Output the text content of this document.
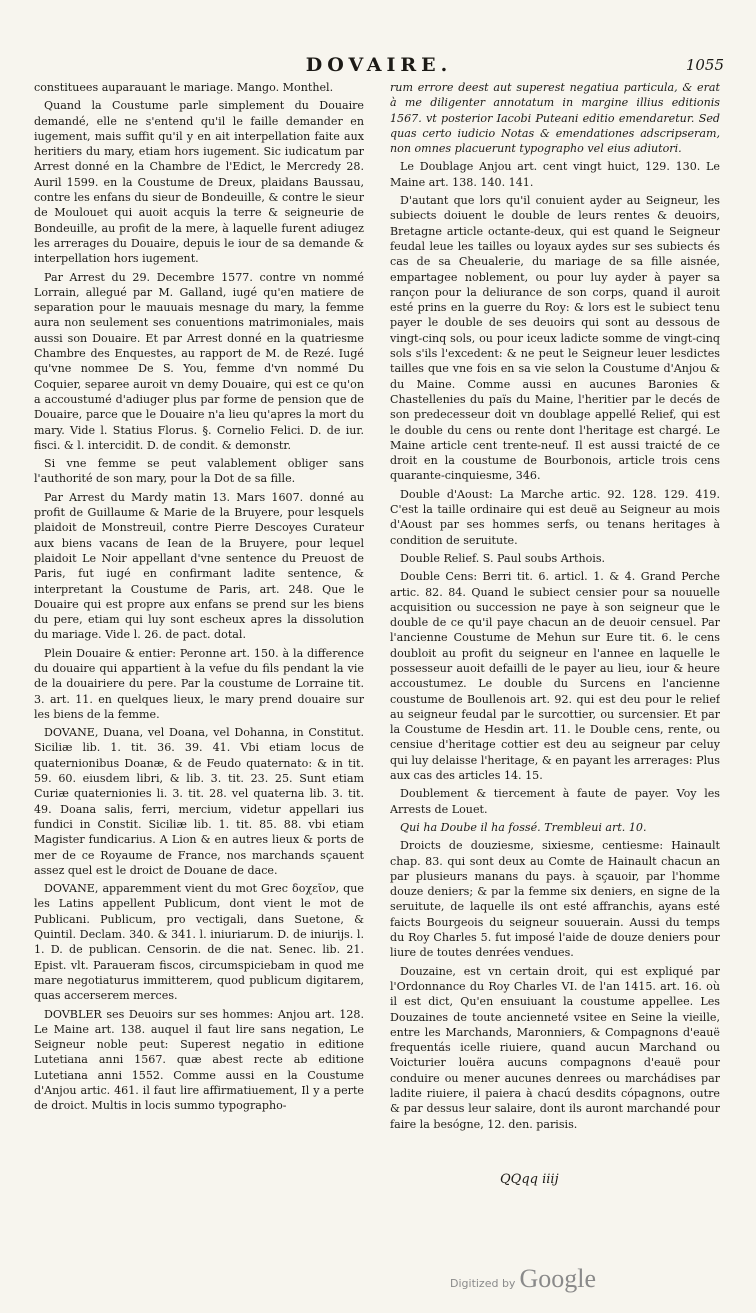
DOVAIRE.	1055

constituees auparauant le mariage. Mango. Monthel.

Quand la Coustume parle simplement du Douaire demandé, elle ne s'entend qu'il le faille demander en iugement, mais suffit qu'il y en ait interpellation faite aux heritiers du mary, etiam hors iugement. Sic iudicatum par Arrest donné en la Chambre de l'Edict, le Mercredy 28. Auril 1599. en la Coustume de Dreux, plaidans Baussau, contre les enfans du sieur de Bondeuille, & contre le sieur de Moulouet qui auoit acquis la terre & seigneurie de Bondeuille, au profit de la mere, à laquelle furent adiugez les arrerages du Douaire, depuis le iour de sa demande & interpellation hors iugement.

Par Arrest du 29. Decembre 1577. contre vn nommé Lorrain, allegué par M. Galland, iugé qu'en matiere de separation pour le mauuais mesnage du mary, la femme aura non seulement ses conuentions matrimoniales, mais aussi son Douaire. Et par Arrest donné en la quatriesme Chambre des Enquestes, au rapport de M. de Rezé. Iugé qu'vne nommee De S. You, femme d'vn nommé Du Coquier, separee auroit vn demy Douaire, qui est ce qu'on a accoustumé d'adiuger plus par forme de pension que de Douaire, parce que le Douaire n'a lieu qu'apres la mort du mary. Vide l. Statius Florus. §. Cornelio Felici. D. de iur. fisci. & l. intercidit. D. de condit. & demonstr.

Si vne femme se peut valablement obliger sans l'authorité de son mary, pour la Dot de sa fille.

Par Arrest du Mardy matin 13. Mars 1607. donné au profit de Guillaume & Marie de la Bruyere, pour lesquels plaidoit de Monstreuil, contre Pierre Descoyes Curateur aux biens vacans de Iean de la Bruyere, pour lequel plaidoit Le Noir appellant d'vne sentence du Preuost de Paris, fut iugé en confirmant ladite sentence, & interpretant la Coustume de Paris, art. 248. Que le Douaire qui est propre aux enfans se prend sur les biens du pere, etiam qui luy sont escheux apres la dissolution du mariage. Vide l. 26. de pact. dotal.

Plein Douaire & entier: Peronne art. 150. à la difference du douaire qui appartient à la vefue du fils pendant la vie de la douairiere du pere. Par la coustume de Lorraine tit. 3. art. 11. en quelques lieux, le mary prend douaire sur les biens de la femme.

DOVANE, Duana, vel Doana, vel Dohanna, in Constitut. Siciliæ lib. 1. tit. 36. 39. 41. Vbi etiam locus de quaternionibus Doanæ, & de Feudo quaternato: & in tit. 59. 60. eiusdem libri, & lib. 3. tit. 23. 25. Sunt etiam Curiæ quaternionies li. 3. tit. 28. vel quaterna lib. 3. tit. 49. Doana salis, ferri, mercium, videtur appellari ius fundici in Constit. Siciliæ lib. 1. tit. 85. 88. vbi etiam Magister fundicarius. A Lion & en autres lieux & ports de mer de ce Royaume de France, nos marchands sçauent assez quel est le droict de Douane de dace.

DOVANE, apparemment vient du mot Grec δοχεῖον, que les Latins appellent Publicum, dont vient le mot de Publicani. Publicum, pro vectigali, dans Suetone, & Quintil. Declam. 340. & 341. l. iniuriarum. D. de iniurijs. l. 1. D. de publican. Censorin. de die nat. Senec. lib. 21. Epist. vlt. Paraueram fiscos, circumspiciebam in quod me mare negotiaturus immitterem, quod publicum digitarem, quas accerserem merces.

DOVBLER ses Deuoirs sur ses hommes: Anjou art. 128. Le Maine art. 138. auquel il faut lire sans negation, Le Seigneur noble peut: Superest negatio in editione Lutetiana anni 1567. quæ abest recte ab editione Lutetiana anni 1552. Comme aussi en la Coustume d'Anjou artic. 461. il faut lire affirmatiuement, Il y a perte de droict. Multis in locis summo typographo-

rum errore deest aut superest negatiua particula, & erat à me diligenter annotatum in margine illius editionis 1567. vt posterior Iacobi Puteani editio emendaretur. Sed quas certo iudicio Notas & emendationes adscripseram, non omnes placuerunt typographo vel eius adiutori.

Le Doublage Anjou art. cent vingt huict, 129. 130. Le Maine art. 138. 140. 141.

D'autant que lors qu'il conuient ayder au Seigneur, les subiects doiuent le double de leurs rentes & deuoirs, Bretagne article octante-deux, qui est quand le Seigneur feudal leue les tailles ou loyaux aydes sur ses subiects és cas de sa Cheualerie, du mariage de sa fille aisnée, empartagee noblement, ou pour luy ayder à payer sa rançon pour la deliurance de son corps, quand il auroit esté prins en la guerre du Roy: & lors est le subiect tenu payer le double de ses deuoirs qui sont au dessous de vingt-cinq sols, ou pour iceux ladicte somme de vingt-cinq sols s'ils l'excedent: & ne peut le Seigneur leuer lesdictes tailles que vne fois en sa vie selon la Coustume d'Anjou & du Maine. Comme aussi en aucunes Baronies & Chastellenies du païs du Maine, l'heritier par le decés de son predecesseur doit vn doublage appellé Relief, qui est le double du cens ou rente dont l'heritage est chargé. Le Maine article cent trente-neuf. Il est aussi traicté de ce droit en la coustume de Bourbonois, article trois cens quarante-cinquiesme, 346.

Double d'Aoust: La Marche artic. 92. 128. 129. 419. C'est la taille ordinaire qui est deuë au Seigneur au mois d'Aoust par ses hommes serfs, ou tenans heritages à condition de seruitute.

Double Relief. S. Paul soubs Arthois.

Double Cens: Berri tit. 6. articl. 1. & 4. Grand Perche artic. 82. 84. Quand le subiect censier pour sa nouuelle acquisition ou succession ne paye à son seigneur que le double de ce qu'il paye chacun an de deuoir censuel. Par l'ancienne Coustume de Mehun sur Eure tit. 6. le cens doubloit au profit du seigneur en l'annee en laquelle le possesseur auoit defailli de le payer au lieu, iour & heure accoustumez. Le double du Surcens en l'ancienne coustume de Boullenois art. 92. qui est deu pour le relief au seigneur feudal par le surcottier, ou surcensier. Et par la Coustume de Hesdin art. 11. le Double cens, rente, ou censiue d'heritage cottier est deu au seigneur par celuy qui luy delaisse l'heritage, & en payant les arrerages: Plus aux cas des articles 14. 15.

Doublement & tiercement à faute de payer. Voy les Arrests de Louet.

Qui ha Doube il ha fossé. Trembleui art. 10.

Droicts de douziesme, sixiesme, centiesme: Hainault chap. 83. qui sont deux au Comte de Hainault chacun an par plusieurs manans du pays. à sçauoir, par l'homme douze deniers; & par la femme six deniers, en signe de la seruitute, de laquelle ils ont esté affranchis, ayans esté faicts Bourgeois du seigneur souuerain. Aussi du temps du Roy Charles 5. fut imposé l'aide de douze deniers pour liure de toutes denrées vendues.

Douzaine, est vn certain droit, qui est expliqué par l'Ordonnance du Roy Charles VI. de l'an 1415. art. 16. où il est dict, Qu'en ensuiuant la coustume appellee. Les Douzaines de toute ancienneté vsitee en Seine la vieille, entre les Marchands, Maronniers, & Compagnons d'eauë frequentás icelle riuiere, quand aucun Marchand ou Voicturier louëra aucuns compagnons d'eauë pour conduire ou mener aucunes denrees ou marchádises par ladite riuiere, il paiera à chacú desdits cópagnons, outre & par dessus leur salaire, dont ils auront marchandé pour faire la besógne, 12. den. parisis.

QQqq iiij
Digitized by Google
